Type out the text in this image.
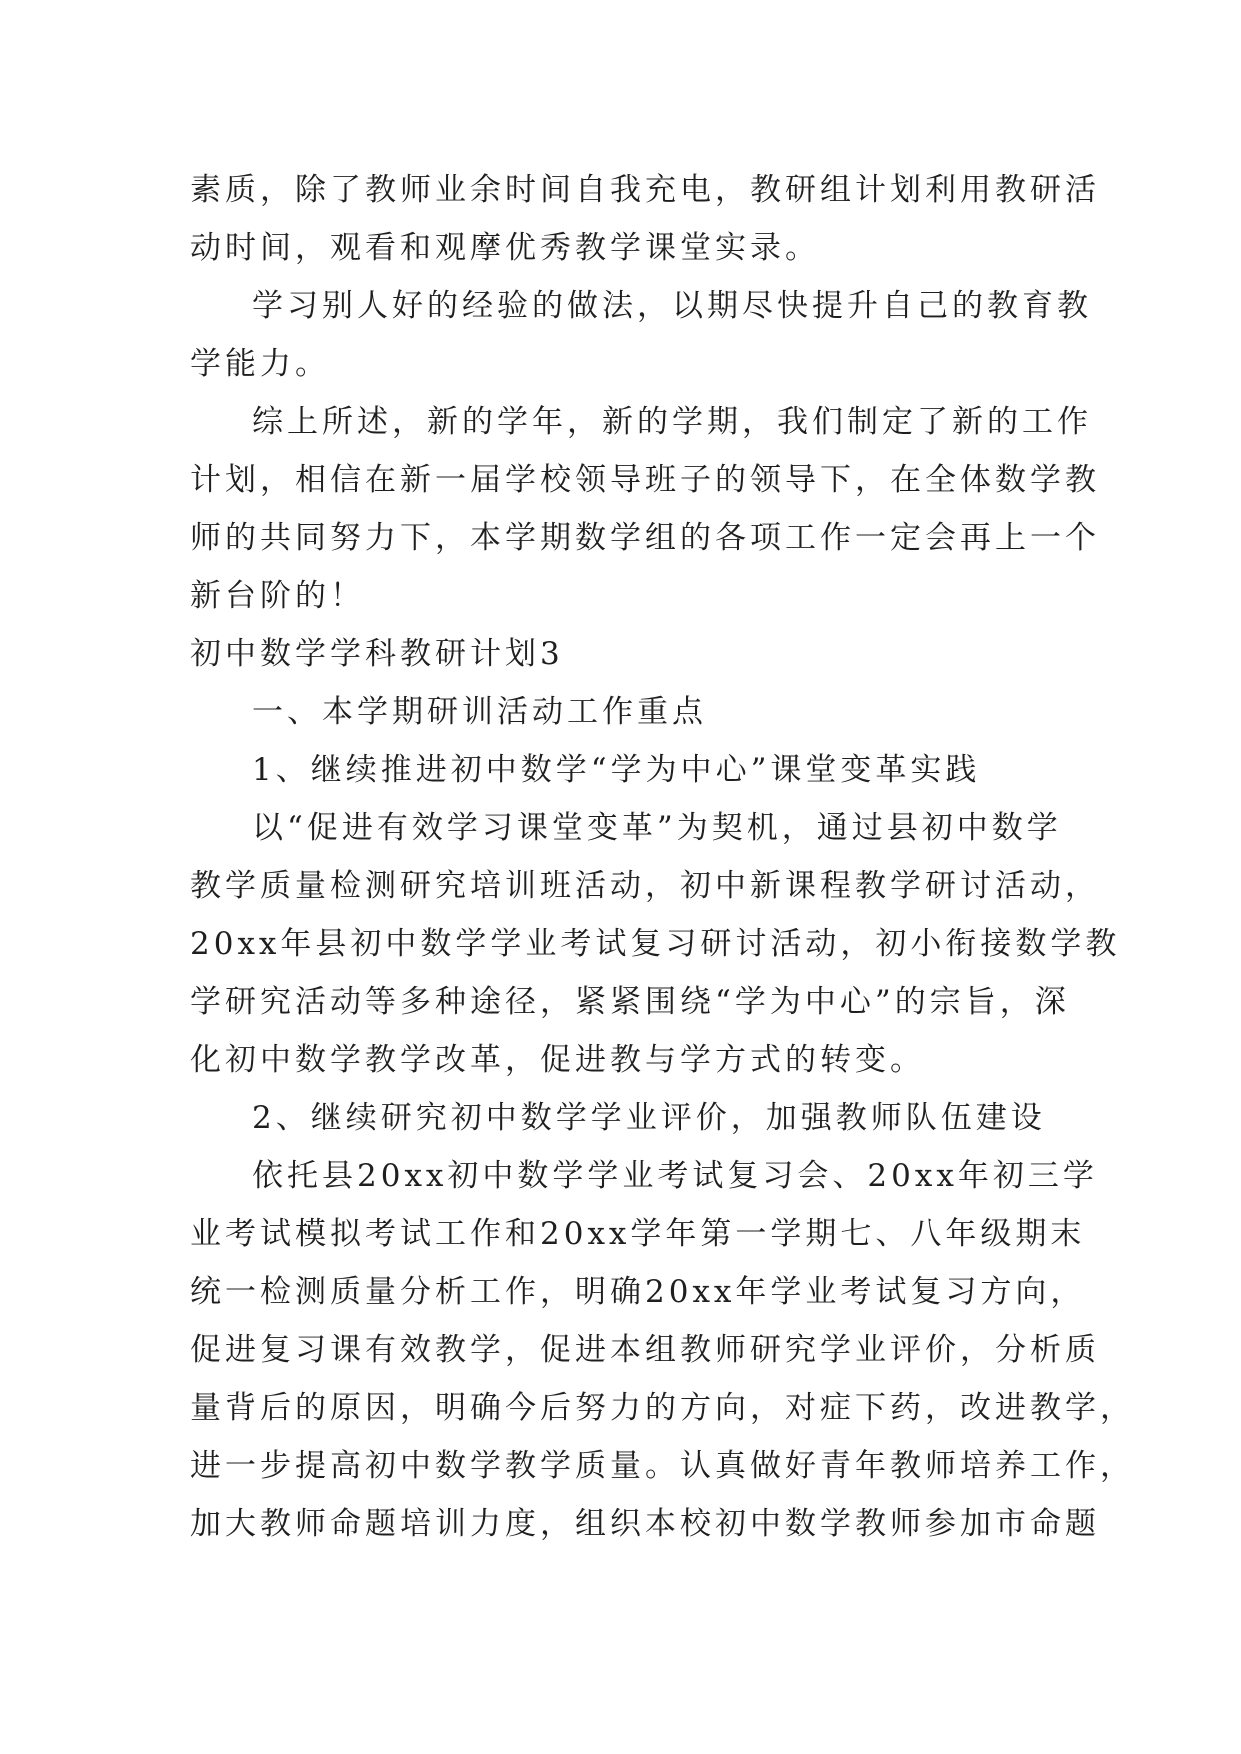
素质，除了教师业余时间自我充电，教研组计划利用教研活
动时间，观看和观摩优秀教学课堂实录。
学习别人好的经验的做法，以期尽快提升自己的教育教
学能力。
综上所述，新的学年，新的学期，我们制定了新的工作
计划，相信在新一届学校领导班子的领导下，在全体数学教
师的共同努力下，本学期数学组的各项工作一定会再上一个
新台阶的！
初中数学学科教研计划3
一、本学期研训活动工作重点
1、继续推进初中数学“学为中心”课堂变革实践
以“促进有效学习课堂变革”为契机，通过县初中数学
教学质量检测研究培训班活动，初中新课程教学研讨活动，
20xx年县初中数学学业考试复习研讨活动，初小衔接数学教
学研究活动等多种途径，紧紧围绕“学为中心”的宗旨，深
化初中数学教学改革，促进教与学方式的转变。
2、继续研究初中数学学业评价，加强教师队伍建设
依托县20xx初中数学学业考试复习会、20xx年初三学
业考试模拟考试工作和20xx学年第一学期七、八年级期末
统一检测质量分析工作，明确20xx年学业考试复习方向，
促进复习课有效教学，促进本组教师研究学业评价，分析质
量背后的原因，明确今后努力的方向，对症下药，改进教学，
进一步提高初中数学教学质量。认真做好青年教师培养工作，
加大教师命题培训力度，组织本校初中数学教师参加市命题
